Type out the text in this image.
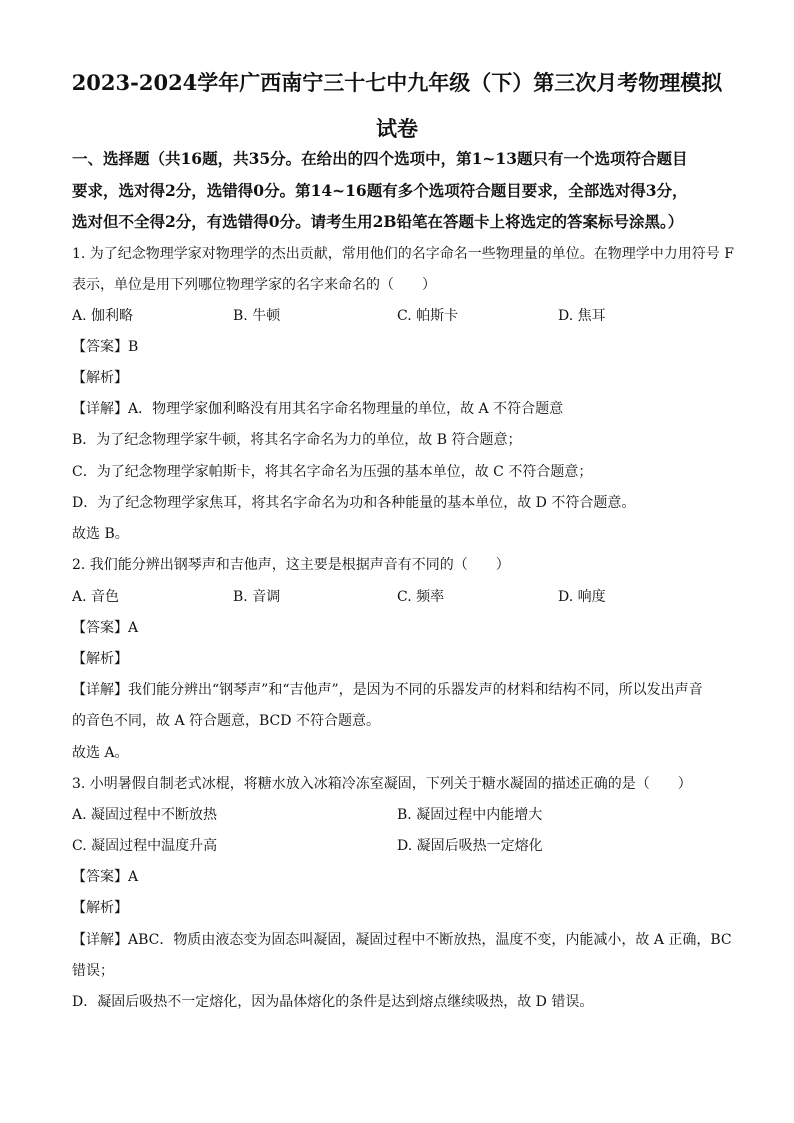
2023-2024学年广西南宁三十七中九年级（下）第三次月考物理模拟
试卷
一、选择题（共16题，共35分。在给出的四个选项中，第1~13题只有一个选项符合题目
要求，选对得2分，选错得0分。第14~16题有多个选项符合题目要求，全部选对得3分，
选对但不全得2分，有选错得0分。请考生用2B铅笔在答题卡上将选定的答案标号涂黑。）
1. 为了纪念物理学家对物理学的杰出贡献，常用他们的名字命名一些物理量的单位。在物理学中力用符号 F
表示，单位是用下列哪位物理学家的名字来命名的（　　）
A. 伽利略	B. 牛顿	C. 帕斯卡	D. 焦耳
【答案】B
【解析】
【详解】A．物理学家伽利略没有用其名字命名物理量的单位，故 A 不符合题意
B．为了纪念物理学家牛顿，将其名字命名为力的单位，故 B 符合题意；
C．为了纪念物理学家帕斯卡，将其名字命名为压强的基本单位，故 C 不符合题意；
D．为了纪念物理学家焦耳，将其名字命名为功和各种能量的基本单位，故 D 不符合题意。
故选 B。
2. 我们能分辨出钢琴声和吉他声，这主要是根据声音有不同的（　　）
A. 音色	B. 音调	C. 频率	D. 响度
【答案】A
【解析】
【详解】我们能分辨出“钢琴声”和“吉他声”，是因为不同的乐器发声的材料和结构不同，所以发出声音
的音色不同，故 A 符合题意，BCD 不符合题意。
故选 A。
3. 小明暑假自制老式冰棍，将糖水放入冰箱冷冻室凝固，下列关于糖水凝固的描述正确的是（　　）
A. 凝固过程中不断放热	B. 凝固过程中内能增大
C. 凝固过程中温度升高	D. 凝固后吸热一定熔化
【答案】A
【解析】
【详解】ABC．物质由液态变为固态叫凝固，凝固过程中不断放热，温度不变，内能减小，故 A 正确，BC
错误；
D．凝固后吸热不一定熔化，因为晶体熔化的条件是达到熔点继续吸热，故 D 错误。
